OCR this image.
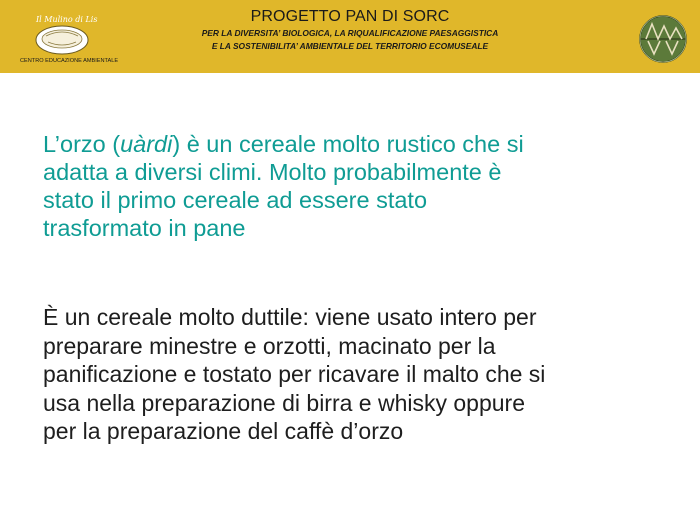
Il Mulino di Lis
CENTRO EDUCAZIONE AMBIENTALE
PROGETTO PAN DI SORC
PER LA DIVERSITA’ BIOLOGICA, LA RIQUALIFICAZIONE PAESAGGISTICA
E LA SOSTENIBILITA’ AMBIENTALE DEL TERRITORIO ECOMUSEALE

L’orzo (uàrdi) è un cereale molto rustico che si
adatta a diversi climi. Molto probabilmente è
stato il primo cereale ad essere stato
trasformato in pane

È un cereale molto duttile: viene usato intero per
preparare minestre e orzotti, macinato per la
panificazione e tostato per ricavare il malto che si
usa nella preparazione di birra e whisky oppure
per la preparazione del caffè d’orzo
